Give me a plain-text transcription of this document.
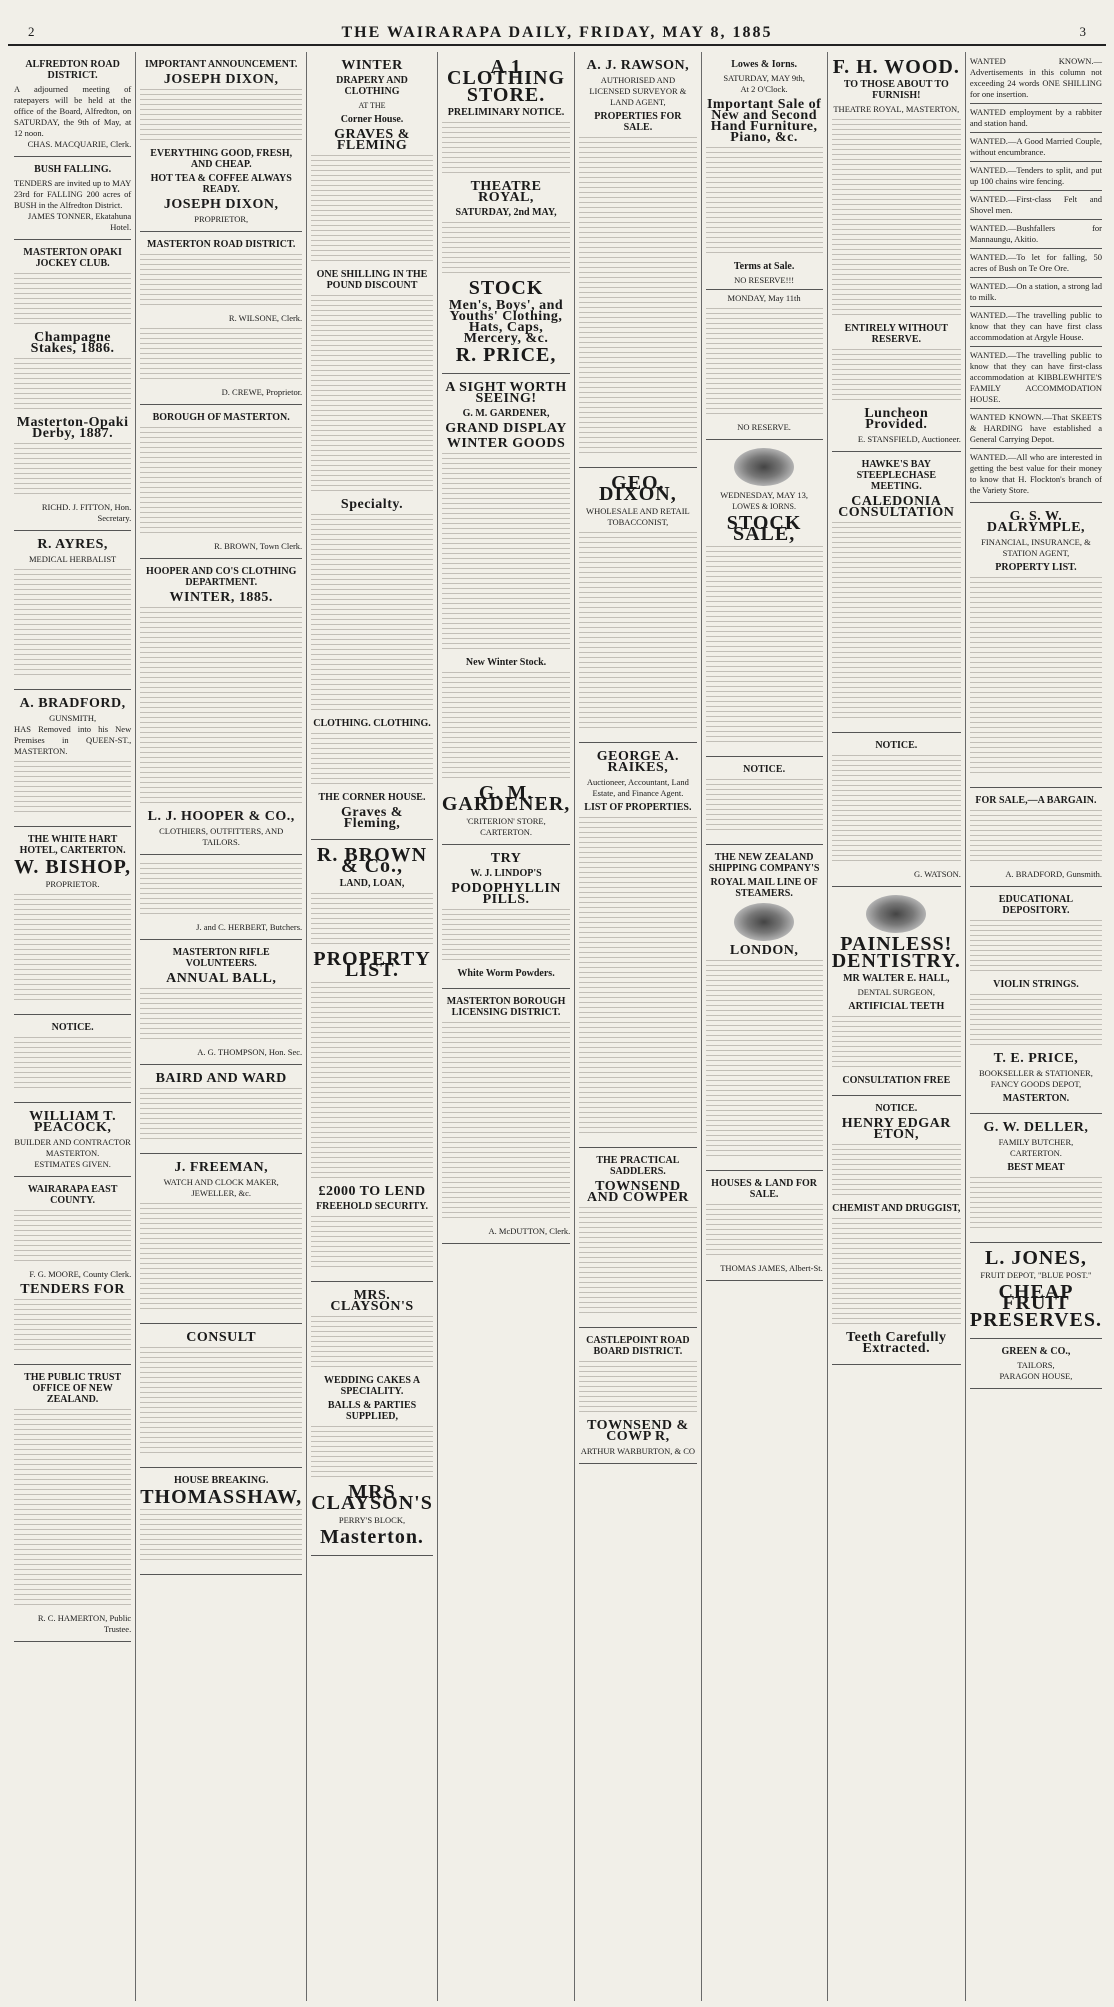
2	THE WAIRARAPA DAILY, FRIDAY, MAY 8, 1885	3
ALFREDTON ROAD DISTRICT.
A adjourned meeting of ratepayers will be held at the office of the Board, Alfredton, on SATURDAY, the 9th of May, at 12 noon.
CHAS. MACQUARIE, Clerk.
BUSH FALLING.
TENDERS are invited up to MAY 23rd for FALLING 200 acres of BUSH in the Alfredton District.
JAMES TONNER, Ekatahuna Hotel.
MASTERTON OPAKI JOCKEY CLUB.
Champagne Stakes, 1886.
Masterton-Opaki Derby, 1887.
RICHD. J. FITTON, Hon. Secretary.
R. AYRES,
MEDICAL HERBALIST
A. BRADFORD,
GUNSMITH,
HAS Removed into his New Premises in QUEEN-ST., MASTERTON.
THE WHITE HART HOTEL, CARTERTON.
W. BISHOP,
PROPRIETOR.
NOTICE.
WILLIAM T. PEACOCK,
BUILDER AND CONTRACTOR
MASTERTON.
ESTIMATES GIVEN.
WAIRARAPA EAST COUNTY.
F. G. MOORE, County Clerk.
TENDERS FOR
THE PUBLIC TRUST OFFICE OF NEW ZEALAND.
R. C. HAMERTON, Public Trustee.
IMPORTANT ANNOUNCEMENT.
JOSEPH DIXON,
EVERYTHING GOOD, FRESH, AND CHEAP.
HOT TEA & COFFEE ALWAYS READY.
JOSEPH DIXON,
PROPRIETOR,
MASTERTON ROAD DISTRICT.
R. WILSONE, Clerk.
D. CREWE, Proprietor.
BOROUGH OF MASTERTON.
R. BROWN, Town Clerk.
HOOPER AND CO'S CLOTHING DEPARTMENT.
WINTER, 1885.
L. J. HOOPER & CO.,
CLOTHIERS, OUTFITTERS, AND TAILORS.
J. and C. HERBERT, Butchers.
MASTERTON RIFLE VOLUNTEERS.
ANNUAL BALL,
A. G. THOMPSON, Hon. Sec.
BAIRD AND WARD
J. FREEMAN,
WATCH AND CLOCK MAKER, JEWELLER, &c.
CONSULT
HOUSE BREAKING.
THOMASSHAW,
WINTER
DRAPERY AND CLOTHING
AT THE
Corner House.
GRAVES & FLEMING
ONE SHILLING IN THE POUND DISCOUNT
Specialty.
CLOTHING. CLOTHING.
THE CORNER HOUSE.
Graves & Fleming,
R. BROWN & Co.,
LAND, LOAN,
PROPERTY LIST.
£2000 TO LEND
FREEHOLD SECURITY.
MRS. CLAYSON'S
WEDDING CAKES A SPECIALITY.
BALLS & PARTIES SUPPLIED,
MRS CLAYSON'S
PERRY'S BLOCK,
Masterton.
A 1 CLOTHING
STORE.
PRELIMINARY NOTICE.
THEATRE ROYAL,
SATURDAY, 2nd MAY,
STOCK
Men's, Boys', and Youths' Clothing, Hats, Caps, Mercery, &c.
R. PRICE,
A SIGHT WORTH SEEING!
G. M. GARDENER,
GRAND DISPLAY
WINTER GOODS
New Winter Stock.
G. M. GARDENER,
'CRITERION' STORE,
CARTERTON.
TRY
W. J. LINDOP'S
PODOPHYLLIN PILLS.
White Worm Powders.
MASTERTON BOROUGH LICENSING DISTRICT.
A. McDUTTON, Clerk.
A. J. RAWSON,
AUTHORISED AND LICENSED SURVEYOR & LAND AGENT,
PROPERTIES FOR SALE.
GEO. DIXON,
WHOLESALE AND RETAIL TOBACCONIST,
GEORGE A. RAIKES,
Auctioneer, Accountant, Land Estate, and Finance Agent.
LIST OF PROPERTIES.
THE PRACTICAL SADDLERS.
TOWNSEND AND COWPER
CASTLEPOINT ROAD BOARD DISTRICT.
TOWNSEND & COWP R,
ARTHUR WARBURTON, & CO
Lowes & Iorns.
SATURDAY, MAY 9th,
At 2 O'Clock.
Important Sale of New and Second Hand Furniture, Piano, &c.
Terms at Sale.
NO RESERVE!!!
MONDAY, May 11th
NO RESERVE.
WEDNESDAY, MAY 13,
LOWES & IORNS.
STOCK SALE,
NOTICE.
THE NEW ZEALAND SHIPPING COMPANY'S
ROYAL MAIL LINE OF STEAMERS.
LONDON,
HOUSES & LAND FOR SALE.
THOMAS JAMES, Albert-St.
F. H. WOOD.
TO THOSE ABOUT TO FURNISH!
THEATRE ROYAL, MASTERTON,
ENTIRELY WITHOUT RESERVE.
Luncheon Provided.
E. STANSFIELD, Auctioneer.
HAWKE'S BAY STEEPLECHASE MEETING.
CALEDONIA CONSULTATION
NOTICE.
G. WATSON.
PAINLESS!
DENTISTRY.
MR WALTER E. HALL,
DENTAL SURGEON,
ARTIFICIAL TEETH
CONSULTATION FREE
NOTICE.
HENRY EDGAR ETON,
CHEMIST AND DRUGGIST,
Teeth Carefully Extracted.
WANTED KNOWN.—Advertisements in this column not exceeding 24 words ONE SHILLING for one insertion.
WANTED employment by a rabbiter and station hand.
WANTED.—A Good Married Couple, without encumbrance.
WANTED.—Tenders to split, and put up 100 chains wire fencing.
WANTED.—First-class Felt and Shovel men.
WANTED.—Bushfallers for Mannaungu, Akitio.
WANTED.—To let for falling, 50 acres of Bush on Te Ore Ore.
WANTED.—On a station, a strong lad to milk.
WANTED.—The travelling public to know that they can have first class accommodation at Argyle House.
WANTED.—The travelling public to know that they can have first-class accommodation at KIBBLEWHITE'S FAMILY ACCOMMODATION HOUSE.
WANTED KNOWN.—That SKEETS & HARDING have established a General Carrying Depot.
WANTED.—All who are interested in getting the best value for their money to know that H. Flockton's branch of the Variety Store.
G. S. W. DALRYMPLE,
FINANCIAL, INSURANCE, & STATION AGENT,
PROPERTY LIST.
FOR SALE,—A BARGAIN.
A. BRADFORD, Gunsmith.
EDUCATIONAL DEPOSITORY.
VIOLIN STRINGS.
T. E. PRICE,
BOOKSELLER & STATIONER,
FANCY GOODS DEPOT,
MASTERTON.
G. W. DELLER,
FAMILY BUTCHER,
CARTERTON.
BEST MEAT
L. JONES,
FRUIT DEPOT, "BLUE POST."
CHEAP FRUIT
PRESERVES.
GREEN & CO.,
TAILORS,
PARAGON HOUSE,
